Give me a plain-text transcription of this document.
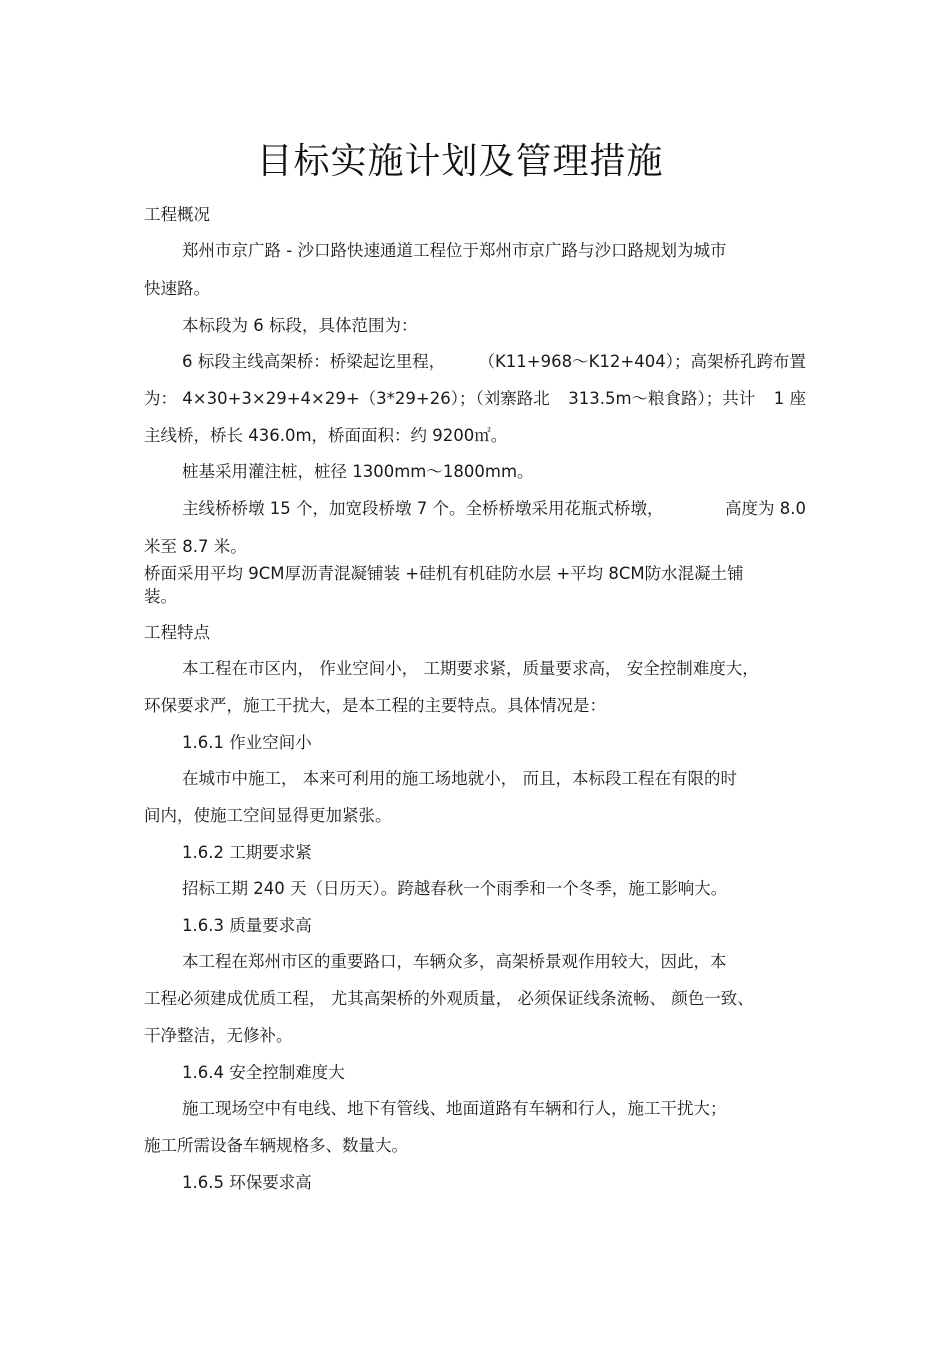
目标实施计划及管理措施
工程概况
郑州市京广路 - 沙口路快速通道工程位于郑州市京广路与沙口路规划为城市
快速路。
本标段为 6 标段，具体范围为：
6 标段主线高架桥：桥梁起讫里程， （K11+968～K12+404）；高架桥孔跨布置
为： 4×30+3×29+4×29+（3*29+26）；（刘寨路北 313.5m～粮食路）；共计 1 座
主线桥，桥长 436.0m，桥面面积：约 9200㎡。
桩基采用灌注桩，桩径 1300mm～1800mm。
主线桥桥墩 15 个，加宽段桥墩 7 个。全桥桥墩采用花瓶式桥墩，	高度为 8.0
米至 8.7 米。
桥面采用平均 9CM厚沥青混凝铺装 +硅机有机硅防水层 +平均 8CM防水混凝土铺
装。
工程特点
本工程在市区内， 作业空间小， 工期要求紧，质量要求高， 安全控制难度大，
环保要求严，施工干扰大，是本工程的主要特点。具体情况是：
1.6.1 作业空间小
在城市中施工， 本来可利用的施工场地就小， 而且，本标段工程在有限的时
间内，使施工空间显得更加紧张。
1.6.2 工期要求紧
招标工期 240 天（日历天）。跨越春秋一个雨季和一个冬季，施工影响大。
1.6.3 质量要求高
本工程在郑州市区的重要路口，车辆众多，高架桥景观作用较大，因此，本
工程必须建成优质工程， 尤其高架桥的外观质量， 必须保证线条流畅、 颜色一致、
干净整洁，无修补。
1.6.4 安全控制难度大
施工现场空中有电线、地下有管线、地面道路有车辆和行人，施工干扰大；
施工所需设备车辆规格多、数量大。
1.6.5 环保要求高
